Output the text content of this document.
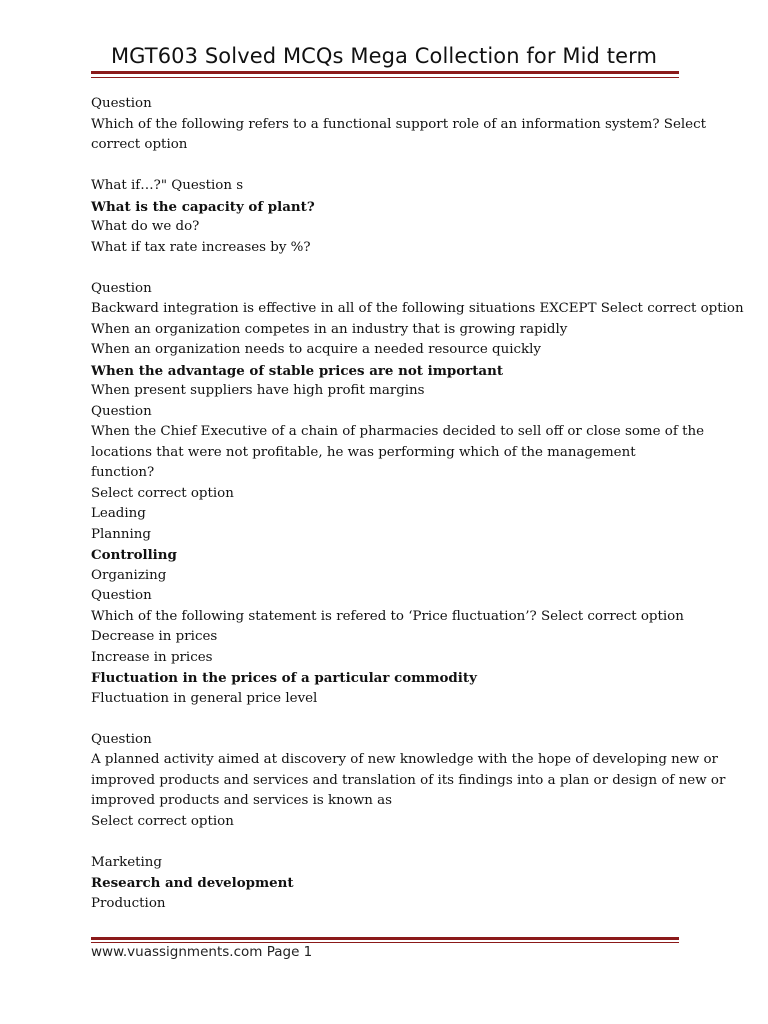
MGT603 Solved MCQs Mega Collection for Mid term
Question
Which of the following refers to a functional support role of an information system? Select
correct option
What if…?" Question s
What is the capacity of plant?
What do we do?
What if tax rate increases by %?
Question
Backward integration is effective in all of the following situations EXCEPT Select correct option
When an organization competes in an industry that is growing rapidly
When an organization needs to acquire a needed resource quickly
When the advantage of stable prices are not important
When present suppliers have high profit margins
Question
When the Chief Executive of a chain of pharmacies decided to sell off or close some of the
locations that were not profitable, he was performing which of the management
function?
Select correct option
Leading
Planning
Controlling
Organizing
Question
Which of the following statement is refered to ‘Price fluctuation’? Select correct option
Decrease in prices
Increase in prices
Fluctuation in the prices of a particular commodity
Fluctuation in general price level
Question
A planned activity aimed at discovery of new knowledge with the hope of developing new or
improved products and services and translation of its findings into a plan or design of new or
improved products and services is known as
Select correct option
Marketing
Research and development
Production
www.vuassignments.com Page 1
